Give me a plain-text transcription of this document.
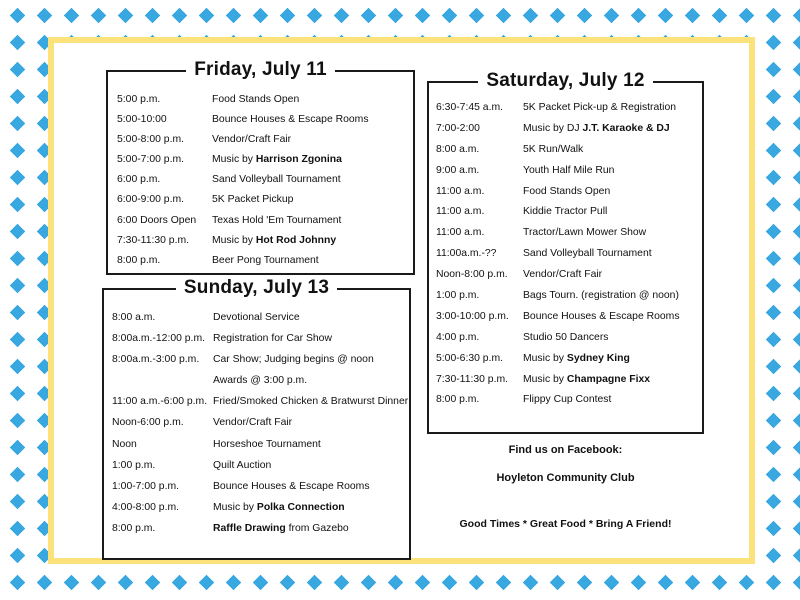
Friday, July 11
5:00 p.m.	Food Stands Open
5:00-10:00	Bounce Houses & Escape Rooms
5:00-8:00 p.m.	Vendor/Craft Fair
5:00-7:00 p.m.	Music by Harrison Zgonina
6:00 p.m.	Sand Volleyball Tournament
6:00-9:00 p.m.	5K Packet Pickup
6:00 Doors Open	Texas Hold 'Em Tournament
7:30-11:30 p.m.	Music by Hot Rod Johnny
8:00 p.m.	Beer Pong Tournament
Sunday, July 13
8:00 a.m.	Devotional Service
8:00a.m.-12:00 p.m. Registration for Car Show
8:00a.m.-3:00 p.m.	Car Show; Judging begins @ noon
Awards @ 3:00 p.m.
11:00 a.m.-6:00 p.m. Fried/Smoked Chicken & Bratwurst Dinner
Noon-6:00 p.m.	Vendor/Craft Fair
Noon	Horseshoe Tournament
1:00 p.m.	Quilt Auction
1:00-7:00 p.m.	Bounce Houses & Escape Rooms
4:00-8:00 p.m.	Music by Polka Connection
8:00 p.m.	Raffle Drawing from Gazebo
Saturday, July 12
6:30-7:45 a.m.	5K Packet Pick-up & Registration
7:00-2:00	Music by DJ J.T. Karaoke & DJ
8:00 a.m.	5K Run/Walk
9:00 a.m.	Youth Half Mile Run
11:00 a.m.	Food Stands Open
11:00 a.m.	Kiddie Tractor Pull
11:00 a.m.	Tractor/Lawn Mower Show
11:00a.m.-??	Sand Volleyball Tournament
Noon-8:00 p.m.	Vendor/Craft Fair
1:00 p.m.	Bags Tourn. (registration @ noon)
3:00-10:00 p.m.	Bounce Houses & Escape Rooms
4:00 p.m.	Studio 50 Dancers
5:00-6:30 p.m.	Music by Sydney King
7:30-11:30 p.m.	Music by Champagne Fixx
8:00 p.m.	Flippy Cup Contest
Find us on Facebook:
Hoyleton Community Club
Good Times * Great Food * Bring A Friend!
